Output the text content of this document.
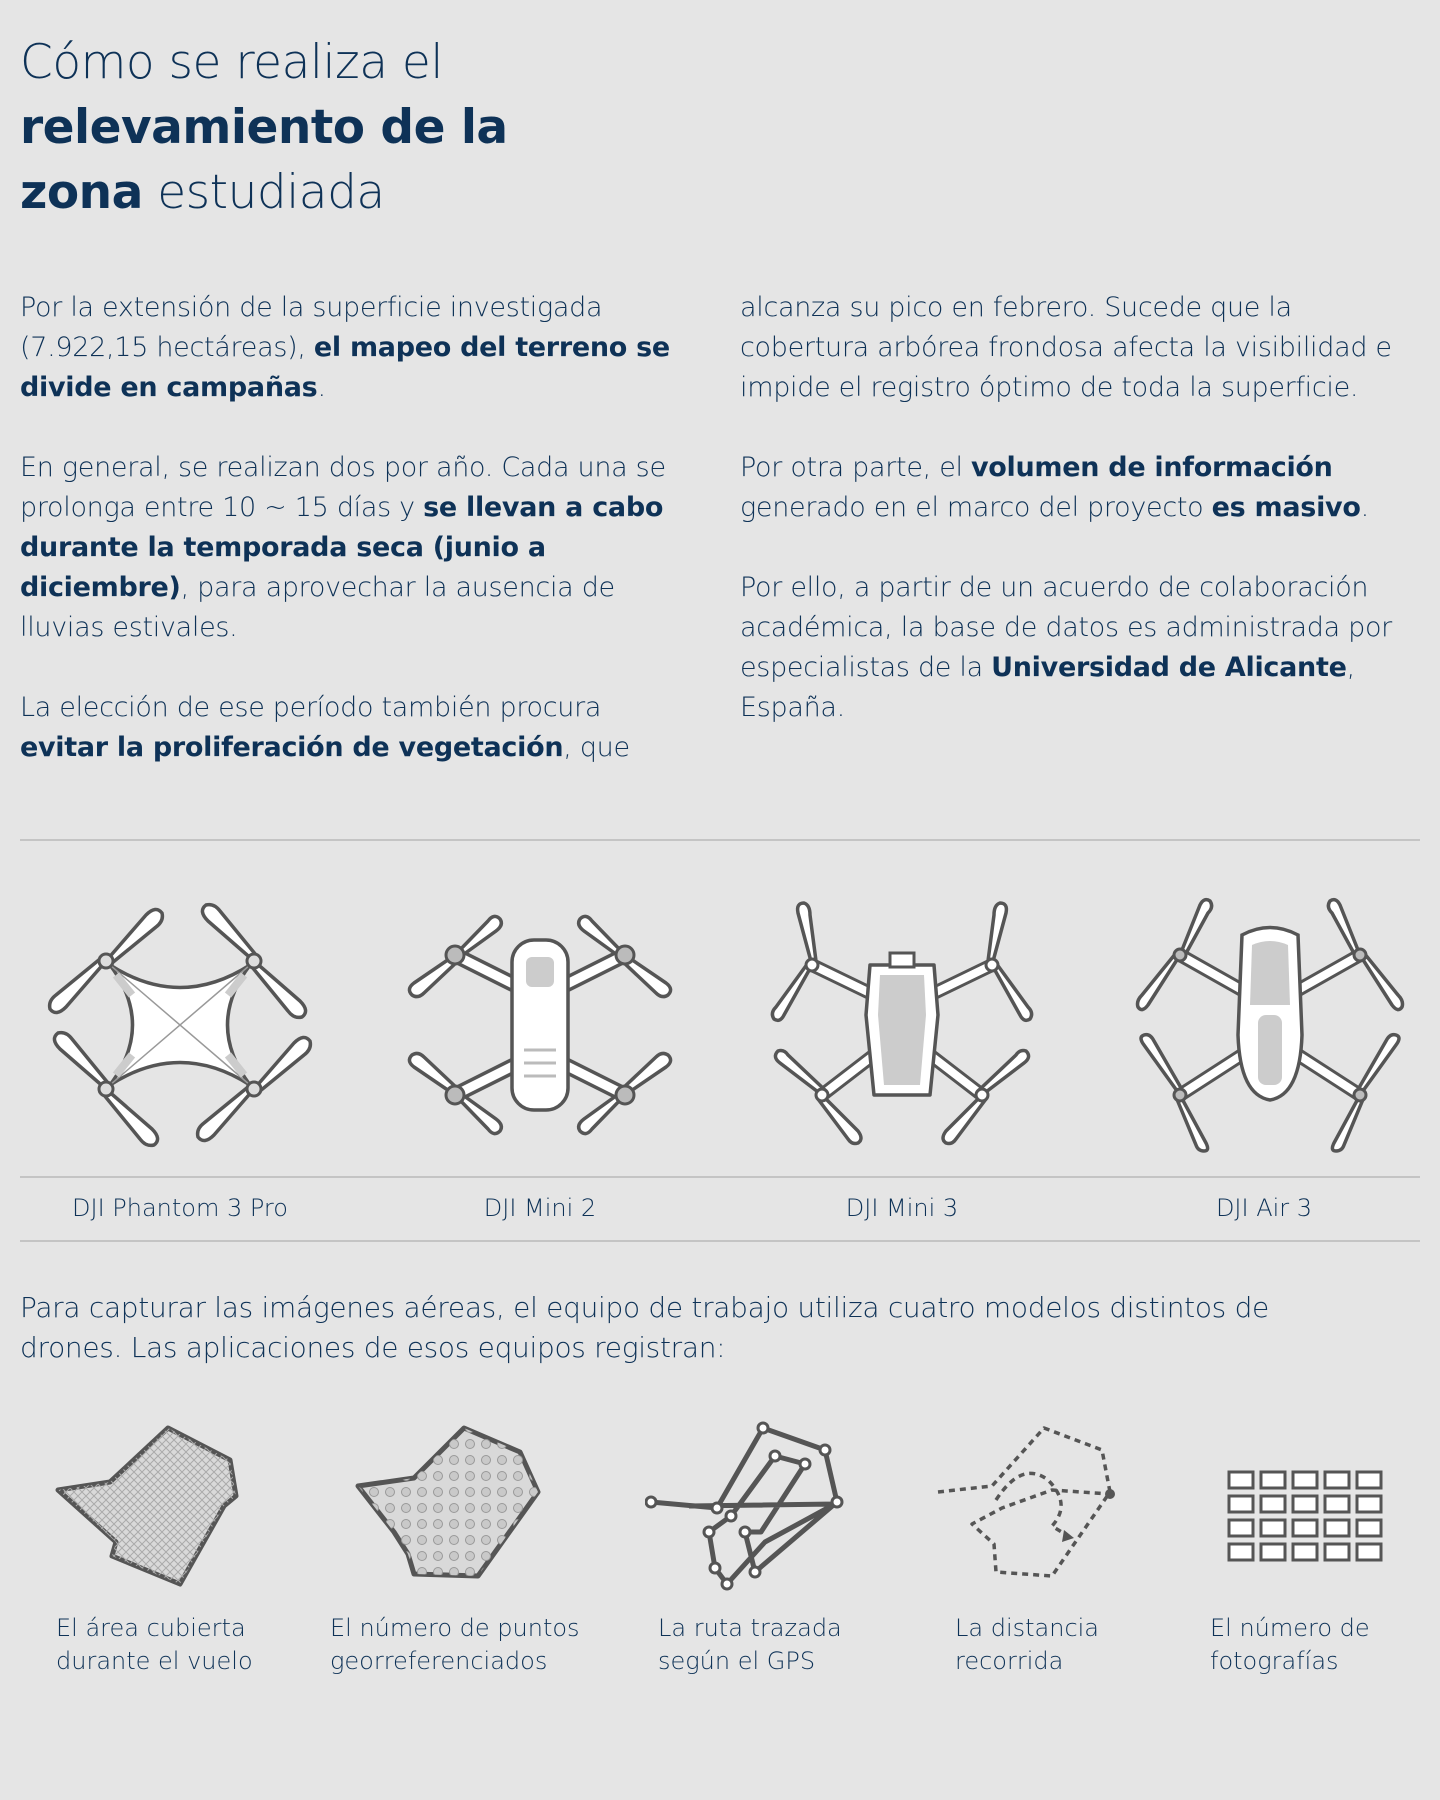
Cómo se realiza el
relevamiento de la
zona estudiada

Por la extensión de la superficie investigada (7.922,15 hectáreas), el mapeo del terreno se divide en campañas.

En general, se realizan dos por año. Cada una se prolonga entre 10 ~ 15 días y se llevan a cabo durante la temporada seca (junio a diciembre), para aprovechar la ausencia de lluvias estivales.

La elección de ese período también procura evitar la proliferación de vegetación, que

alcanza su pico en febrero. Sucede que la cobertura arbórea frondosa afecta la visibilidad e impide el registro óptimo de toda la superficie.

Por otra parte, el volumen de información generado en el marco del proyecto es masivo.

Por ello, a partir de un acuerdo de colaboración académica, la base de datos es administrada por especialistas de la Universidad de Alicante, España.

DJI Phantom 3 Pro	DJI Mini 2	DJI Mini 3	DJI Air 3

Para capturar las imágenes aéreas, el equipo de trabajo utiliza cuatro modelos distintos de drones. Las aplicaciones de esos equipos registran:

El área cubierta
durante el vuelo
El número de puntos
georreferenciados
La ruta trazada
según el GPS
La distancia
recorrida
El número de
fotografías
